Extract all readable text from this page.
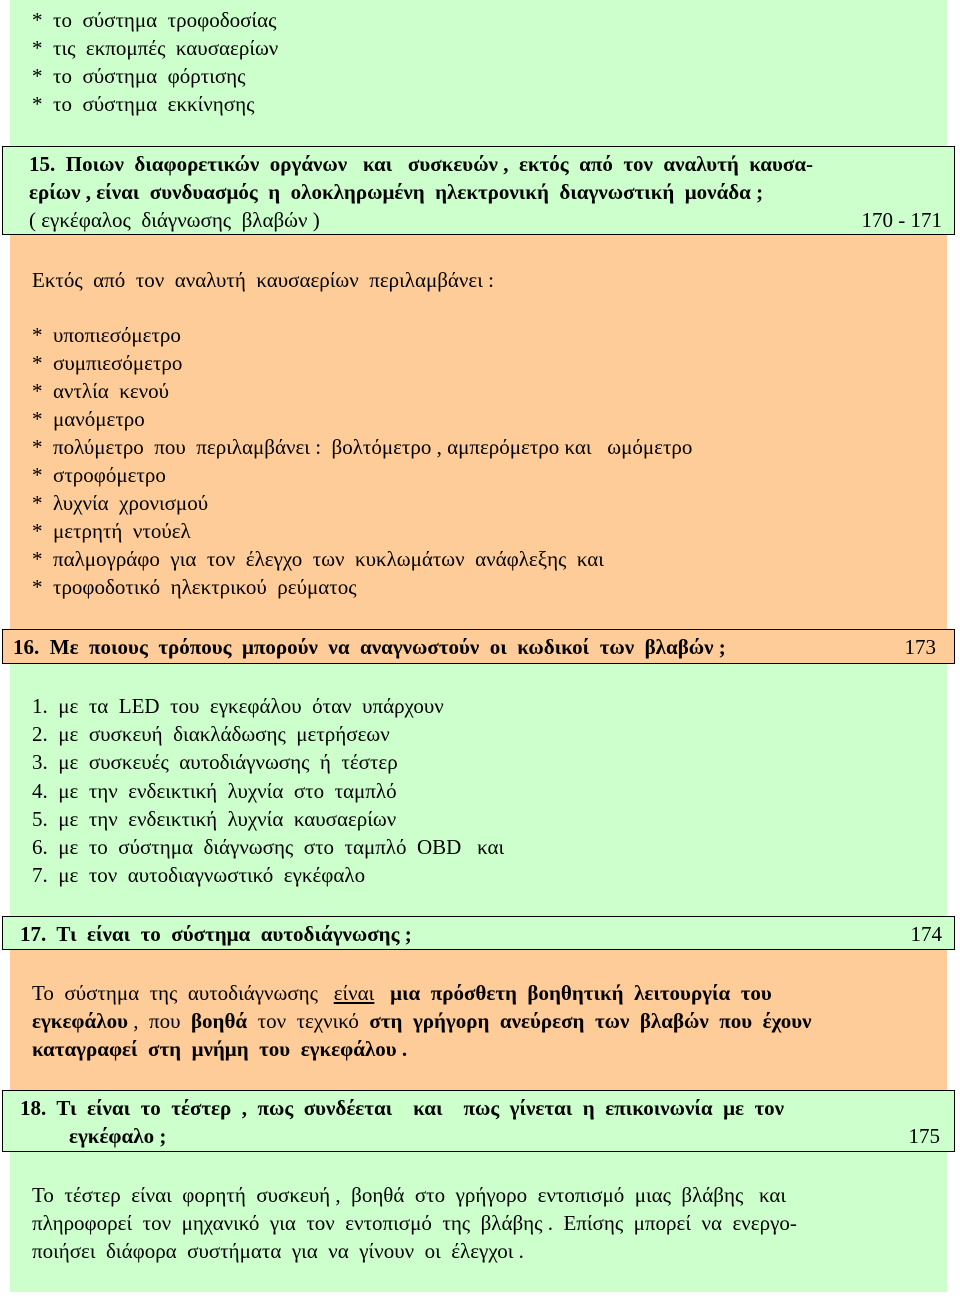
*  το  σύστημα  τροφοδοσίας
*  τις  εκπομπές  καυσαερίων
*  το  σύστημα  φόρτισης
*  το  σύστημα  εκκίνησης
15.  Ποιων  διαφορετικών  οργάνων   και   συσκευών ,  εκτός  από  τον  αναλυτή  καυσα-
ερίων , είναι  συνδυασμός  η  ολοκληρωμένη  ηλεκτρονική  διαγνωστική  μονάδα ;
( εγκέφαλος  διάγνωσης  βλαβών )	170 - 171
Εκτός  από  τον  αναλυτή  καυσαερίων  περιλαμβάνει :
*  υποπιεσόμετρο
*  συμπιεσόμετρο
*  αντλία  κενού
*  μανόμετρο
*  πολύμετρο  που  περιλαμβάνει :  βολτόμετρο , αμπερόμετρο και   ωμόμετρο
*  στροφόμετρο
*  λυχνία  χρονισμού
*  μετρητή  ντούελ
*  παλμογράφο  για  τον  έλεγχο  των  κυκλωμάτων  ανάφλεξης  και
*  τροφοδοτικό  ηλεκτρικού  ρεύματος
16.  Με  ποιους  τρόπους  μπορούν  να  αναγνωστούν  οι  κωδικοί  των  βλαβών ;	173
1.  με  τα  LED  του  εγκεφάλου  όταν  υπάρχουν
2.  με  συσκευή  διακλάδωσης  μετρήσεων
3.  με  συσκευές  αυτοδιάγνωσης  ή  τέστερ
4.  με  την  ενδεικτική  λυχνία  στο  ταμπλό
5.  με  την  ενδεικτική  λυχνία  καυσαερίων
6.  με  το  σύστημα  διάγνωσης  στο  ταμπλό  OBD   και
7.  με  τον  αυτοδιαγνωστικό  εγκέφαλο
17.  Τι  είναι  το  σύστημα  αυτοδιάγνωσης ;	174
Το  σύστημα  της  αυτοδιάγνωσης   είναι   μια  πρόσθετη  βοηθητική  λειτουργία  του
εγκεφάλου ,  που  βοηθά  τον  τεχνικό  στη  γρήγορη  ανεύρεση  των  βλαβών  που  έχουν
καταγραφεί  στη  μνήμη  του  εγκεφάλου .
18.  Τι  είναι  το  τέστερ  ,  πως  συνδέεται    και    πως  γίνεται  η  επικοινωνία  με  τον
εγκέφαλο ;	175
Το  τέστερ  είναι  φορητή  συσκευή ,  βοηθά  στο  γρήγορο  εντοπισμό  μιας  βλάβης   και
πληροφορεί  τον  μηχανικό  για  τον  εντοπισμό  της  βλάβης .  Επίσης  μπορεί  να  ενεργο-
ποιήσει  διάφορα  συστήματα  για  να  γίνουν  οι  έλεγχοι .
